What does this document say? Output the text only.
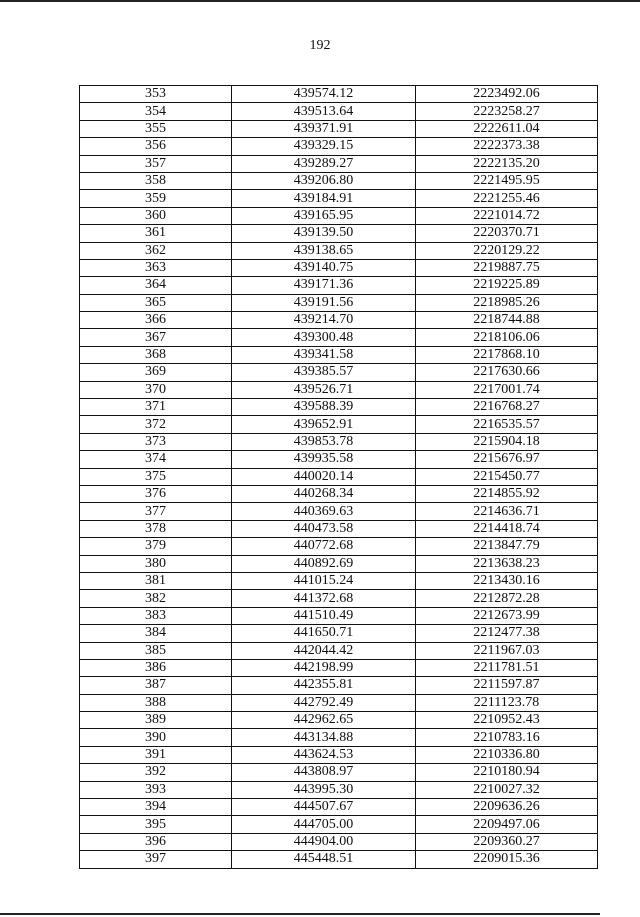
192
353	439574.12	2223492.06
354	439513.64	2223258.27
355	439371.91	2222611.04
356	439329.15	2222373.38
357	439289.27	2222135.20
358	439206.80	2221495.95
359	439184.91	2221255.46
360	439165.95	2221014.72
361	439139.50	2220370.71
362	439138.65	2220129.22
363	439140.75	2219887.75
364	439171.36	2219225.89
365	439191.56	2218985.26
366	439214.70	2218744.88
367	439300.48	2218106.06
368	439341.58	2217868.10
369	439385.57	2217630.66
370	439526.71	2217001.74
371	439588.39	2216768.27
372	439652.91	2216535.57
373	439853.78	2215904.18
374	439935.58	2215676.97
375	440020.14	2215450.77
376	440268.34	2214855.92
377	440369.63	2214636.71
378	440473.58	2214418.74
379	440772.68	2213847.79
380	440892.69	2213638.23
381	441015.24	2213430.16
382	441372.68	2212872.28
383	441510.49	2212673.99
384	441650.71	2212477.38
385	442044.42	2211967.03
386	442198.99	2211781.51
387	442355.81	2211597.87
388	442792.49	2211123.78
389	442962.65	2210952.43
390	443134.88	2210783.16
391	443624.53	2210336.80
392	443808.97	2210180.94
393	443995.30	2210027.32
394	444507.67	2209636.26
395	444705.00	2209497.06
396	444904.00	2209360.27
397	445448.51	2209015.36
